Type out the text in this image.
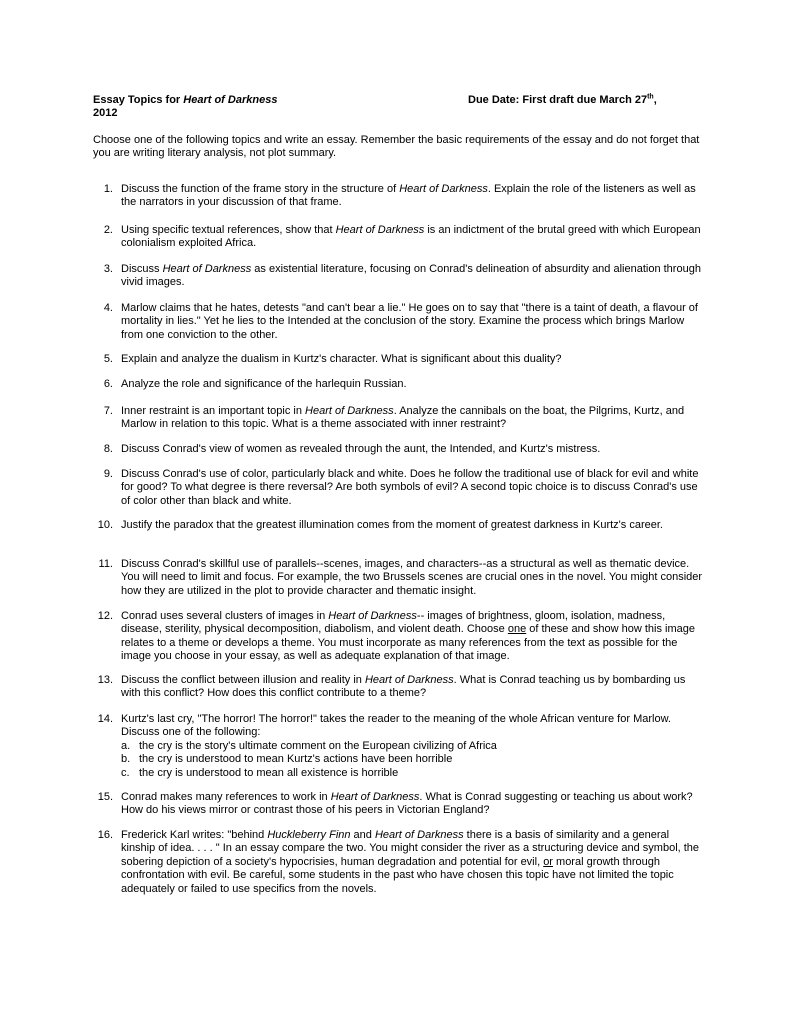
Essay Topics for Heart of Darkness	Due Date: First draft due March 27th,
2012
Choose one of the following topics and write an essay. Remember the basic requirements of the essay and do not forget that you are writing literary analysis, not plot summary.
1. Discuss the function of the frame story in the structure of Heart of Darkness. Explain the role of the listeners as well as the narrators in your discussion of that frame.
2. Using specific textual references, show that Heart of Darkness is an indictment of the brutal greed with which European colonialism exploited Africa.
3. Discuss Heart of Darkness as existential literature, focusing on Conrad's delineation of absurdity and alienation through vivid images.
4. Marlow claims that he hates, detests "and can't bear a lie." He goes on to say that "there is a taint of death, a flavour of mortality in lies." Yet he lies to the Intended at the conclusion of the story. Examine the process which brings Marlow from one conviction to the other.
5. Explain and analyze the dualism in Kurtz's character. What is significant about this duality?
6. Analyze the role and significance of the harlequin Russian.
7. Inner restraint is an important topic in Heart of Darkness. Analyze the cannibals on the boat, the Pilgrims, Kurtz, and Marlow in relation to this topic. What is a theme associated with inner restraint?
8. Discuss Conrad's view of women as revealed through the aunt, the Intended, and Kurtz's mistress.
9. Discuss Conrad's use of color, particularly black and white. Does he follow the traditional use of black for evil and white for good? To what degree is there reversal? Are both symbols of evil? A second topic choice is to discuss Conrad's use of color other than black and white.
10. Justify the paradox that the greatest illumination comes from the moment of greatest darkness in Kurtz's career.
11. Discuss Conrad's skillful use of parallels--scenes, images, and characters--as a structural as well as thematic device. You will need to limit and focus. For example, the two Brussels scenes are crucial ones in the novel. You might consider how they are utilized in the plot to provide character and thematic insight.
12. Conrad uses several clusters of images in Heart of Darkness-- images of brightness, gloom, isolation, madness, disease, sterility, physical decomposition, diabolism, and violent death. Choose one of these and show how this image relates to a theme or develops a theme. You must incorporate as many references from the text as possible for the image you choose in your essay, as well as adequate explanation of that image.
13. Discuss the conflict between illusion and reality in Heart of Darkness. What is Conrad teaching us by bombarding us with this conflict? How does this conflict contribute to a theme?
14. Kurtz's last cry, "The horror! The horror!" takes the reader to the meaning of the whole African venture for Marlow. Discuss one of the following:
a. the cry is the story's ultimate comment on the European civilizing of Africa
b. the cry is understood to mean Kurtz's actions have been horrible
c. the cry is understood to mean all existence is horrible
15. Conrad makes many references to work in Heart of Darkness. What is Conrad suggesting or teaching us about work? How do his views mirror or contrast those of his peers in Victorian England?
16. Frederick Karl writes: "behind Huckleberry Finn and Heart of Darkness there is a basis of similarity and a general kinship of idea. . . . " In an essay compare the two. You might consider the river as a structuring device and symbol, the sobering depiction of a society's hypocrisies, human degradation and potential for evil, or moral growth through confrontation with evil. Be careful, some students in the past who have chosen this topic have not limited the topic adequately or failed to use specifics from the novels.
